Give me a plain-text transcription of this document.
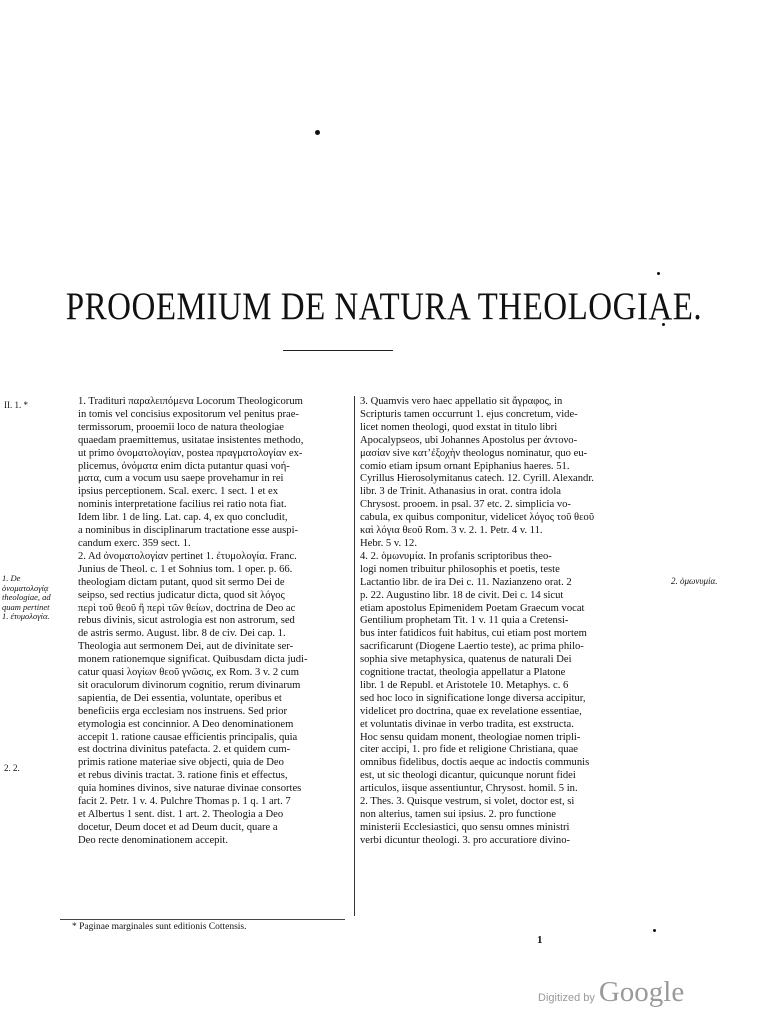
PROOEMIUM DE NATURA THEOLOGIAE.
II. 1. *
1. De ὀνοματολογίᾳ theologiae, ad quam pertinet 1. ἐτυμολογία.
2. 2.
2. ὁμωνυμία.
1. Tradituri παραλειπόμενα Locorum Theologicorum
in tomis vel concisius expositorum vel penitus prae-
termissorum, prooemii loco de natura theologiae
quaedam praemittemus, usitatae insistentes methodo,
ut primo ὀνοματολογίαν, postea πραγματολογίαν ex-
plicemus, ὀνόματα enim dicta putantur quasi νοή-
ματα, cum a vocum usu saepe provehamur in rei
ipsius perceptionem. Scal. exerc. 1 sect. 1 et ex
nominis interpretatione facilius rei ratio nota fiat.
Idem libr. 1 de ling. Lat. cap. 4, ex quo concludit,
a nominibus in disciplinarum tractatione esse auspi-
candum exerc. 359 sect. 1.
2. Ad ὀνοματολογίαν pertinet 1. ἐτυμολογία. Franc.
Junius de Theol. c. 1 et Sohnius tom. 1 oper. p. 66.
theologiam dictam putant, quod sit sermo Dei de
seipso, sed rectius judicatur dicta, quod sit λόγος
περὶ τοῦ θεοῦ ἢ περὶ τῶν θείων, doctrina de Deo ac
rebus divinis, sicut astrologia est non astrorum, sed
de astris sermo. August. libr. 8 de civ. Dei cap. 1.
Theologia aut sermonem Dei, aut de divinitate ser-
monem rationemque significat. Quibusdam dicta judi-
catur quasi λογίων θεοῦ γνῶσις, ex Rom. 3 v. 2 cum
sit oraculorum divinorum cognitio, rerum divinarum
sapientia, de Dei essentia, voluntate, operibus et
beneficiis erga ecclesiam nos instruens. Sed prior
etymologia est concinnior. A Deo denominationem
accepit 1. ratione causae efficientis principalis, quia
est doctrina divinitus patefacta. 2. et quidem cum-
primis ratione materiae sive objecti, quia de Deo
et rebus divinis tractat. 3. ratione finis et effectus,
quia homines divinos, sive naturae divinae consortes
facit 2. Petr. 1 v. 4. Pulchre Thomas p. 1 q. 1 art. 7
et Albertus 1 sent. dist. 1 art. 2. Theologia a Deo
docetur, Deum docet et ad Deum ducit, quare a
Deo recte denominationem accepit.
3. Quamvis vero haec appellatio sit ἄγραφος, in
Scripturis tamen occurrunt 1. ejus concretum, vide-
licet nomen theologi, quod exstat in titulo libri
Apocalypseos, ubi Johannes Apostolus per ἀντονο-
μασίαν sive κατ’ἐξοχὴν theologus nominatur, quo eu-
comio etiam ipsum ornant Epiphanius haeres. 51.
Cyrillus Hierosolymitanus catech. 12. Cyrill. Alexandr.
libr. 3 de Trinit. Athanasius in orat. contra idola
Chrysost. prooem. in psal. 37 etc. 2. simplicia vo-
cabula, ex quibus componitur, videlicet λόγος τοῦ θεοῦ
καὶ λόγια θεοῦ Rom. 3 v. 2. 1. Petr. 4 v. 11.
Hebr. 5 v. 12.
4. 2. ὁμωνυμία. In profanis scriptoribus theo-
logi nomen tribuitur philosophis et poetis, teste
Lactantio libr. de ira Dei c. 11. Nazianzeno orat. 2
p. 22. Augustino libr. 18 de civit. Dei c. 14 sicut
etiam apostolus Epimenidem Poetam Graecum vocat
Gentilium prophetam Tit. 1 v. 11 quia a Cretensi-
bus inter fatidicos fuit habitus, cui etiam post mortem
sacrificarunt (Diogene Laertio teste), ac prima philo-
sophia sive metaphysica, quatenus de naturali Dei
cognitione tractat, theologia appellatur a Platone
libr. 1 de Republ. et Aristotele 10. Metaphys. c. 6
sed hoc loco in significatione longe diversa accipitur,
videlicet pro doctrina, quae ex revelatione essentiae,
et voluntatis divinae in verbo tradita, est exstructa.
Hoc sensu quidam monent, theologiae nomen tripli-
citer accipi, 1. pro fide et religione Christiana, quae
omnibus fidelibus, doctis aeque ac indoctis communis
est, ut sic theologi dicantur, quicunque norunt fidei
articulos, iisque assentiuntur, Chrysost. homil. 5 in.
2. Thes. 3. Quisque vestrum, si volet, doctor est, si
non alterius, tamen sui ipsius. 2. pro functione
ministerii Ecclesiastici, quo sensu omnes ministri
verbi dicuntur theologi. 3. pro accuratiore divino-
* Paginae marginales sunt editionis Cottensis.
1
Digitized by Google
